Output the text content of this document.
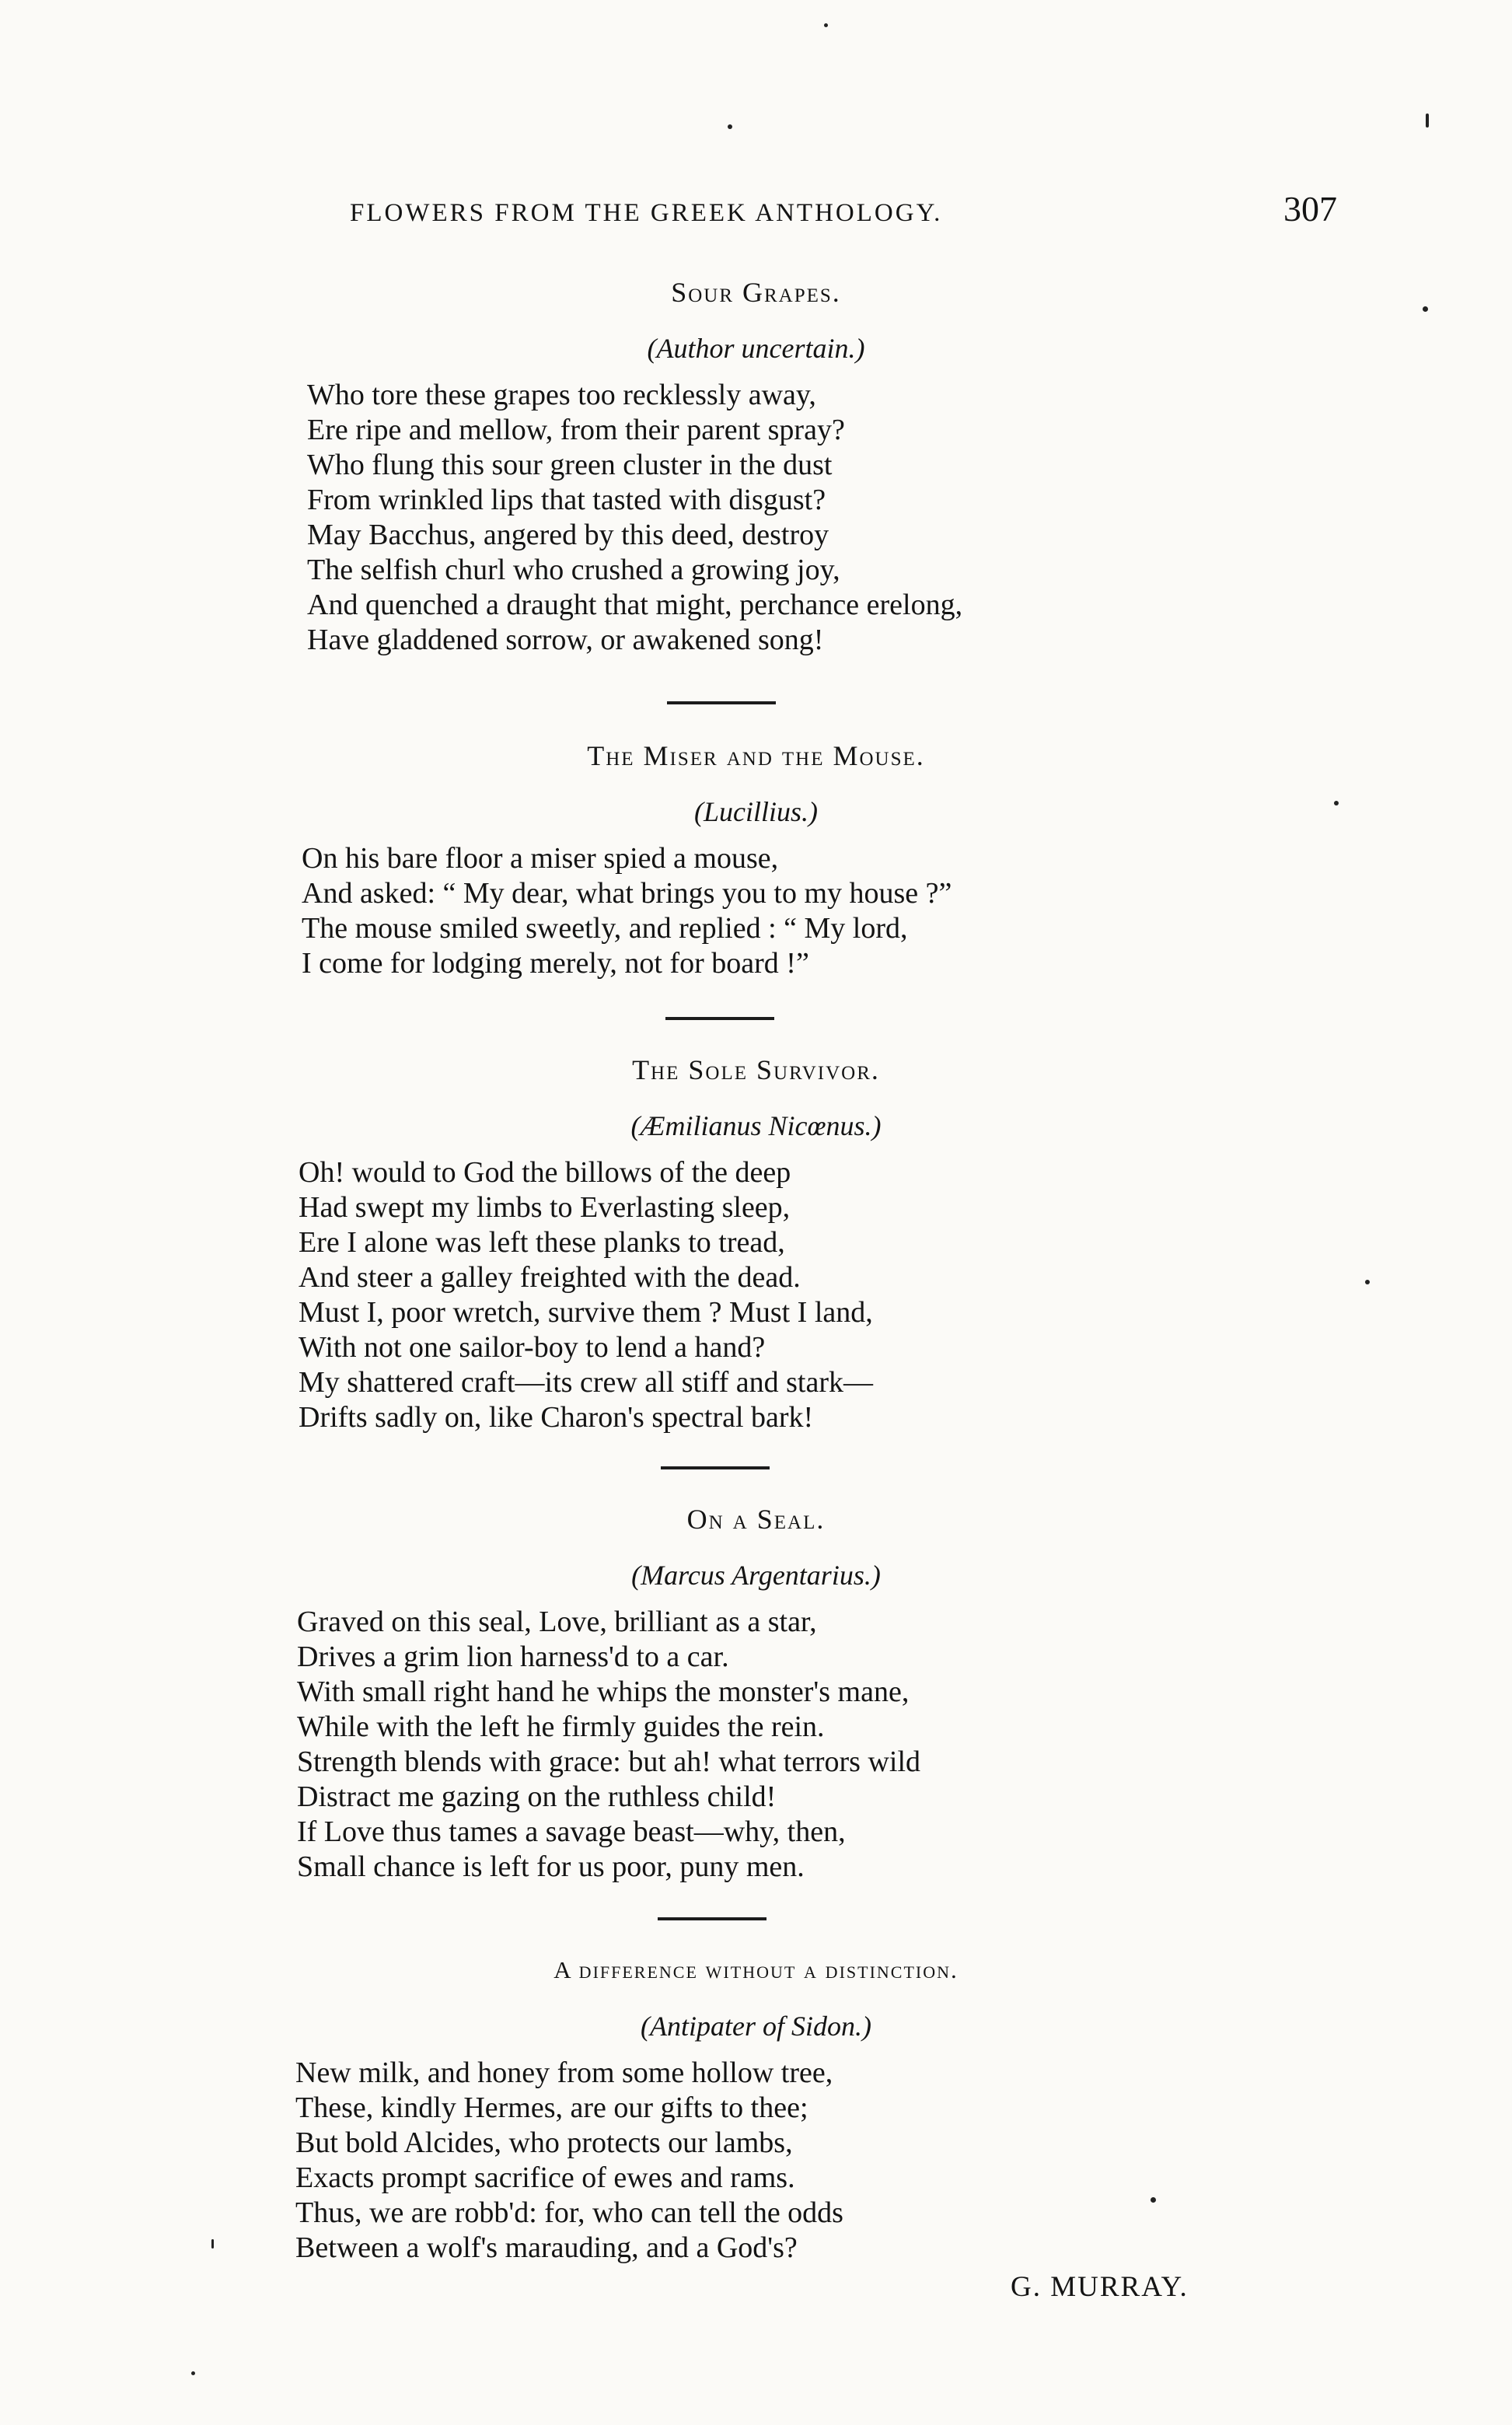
FLOWERS FROM THE GREEK ANTHOLOGY.	307
Sour Grapes.
(Author uncertain.)
Who tore these grapes too recklessly away,
Ere ripe and mellow, from their parent spray?
Who flung this sour green cluster in the dust
From wrinkled lips that tasted with disgust?
May Bacchus, angered by this deed, destroy
The selfish churl who crushed a growing joy,
And quenched a draught that might, perchance erelong,
Have gladdened sorrow, or awakened song!
The Miser and the Mouse.
(Lucillius.)
On his bare floor a miser spied a mouse,
And asked: “ My dear, what brings you to my house ?”
The mouse smiled sweetly, and replied : “ My lord,
I come for lodging merely, not for board !”
The Sole Survivor.
(Æmilianus Nicœnus.)
Oh! would to God the billows of the deep
Had swept my limbs to Everlasting sleep,
Ere I alone was left these planks to tread,
And steer a galley freighted with the dead.
Must I, poor wretch, survive them ? Must I land,
With not one sailor-boy to lend a hand?
My shattered craft—its crew all stiff and stark—
Drifts sadly on, like Charon's spectral bark!
On a Seal.
(Marcus Argentarius.)
Graved on this seal, Love, brilliant as a star,
Drives a grim lion harness'd to a car.
With small right hand he whips the monster's mane,
While with the left he firmly guides the rein.
Strength blends with grace: but ah! what terrors wild
Distract me gazing on the ruthless child!
If Love thus tames a savage beast—why, then,
Small chance is left for us poor, puny men.
A difference without a distinction.
(Antipater of Sidon.)
New milk, and honey from some hollow tree,
These, kindly Hermes, are our gifts to thee;
But bold Alcides, who protects our lambs,
Exacts prompt sacrifice of ewes and rams.
Thus, we are robb'd: for, who can tell the odds
Between a wolf's marauding, and a God's?
G. MURRAY.
